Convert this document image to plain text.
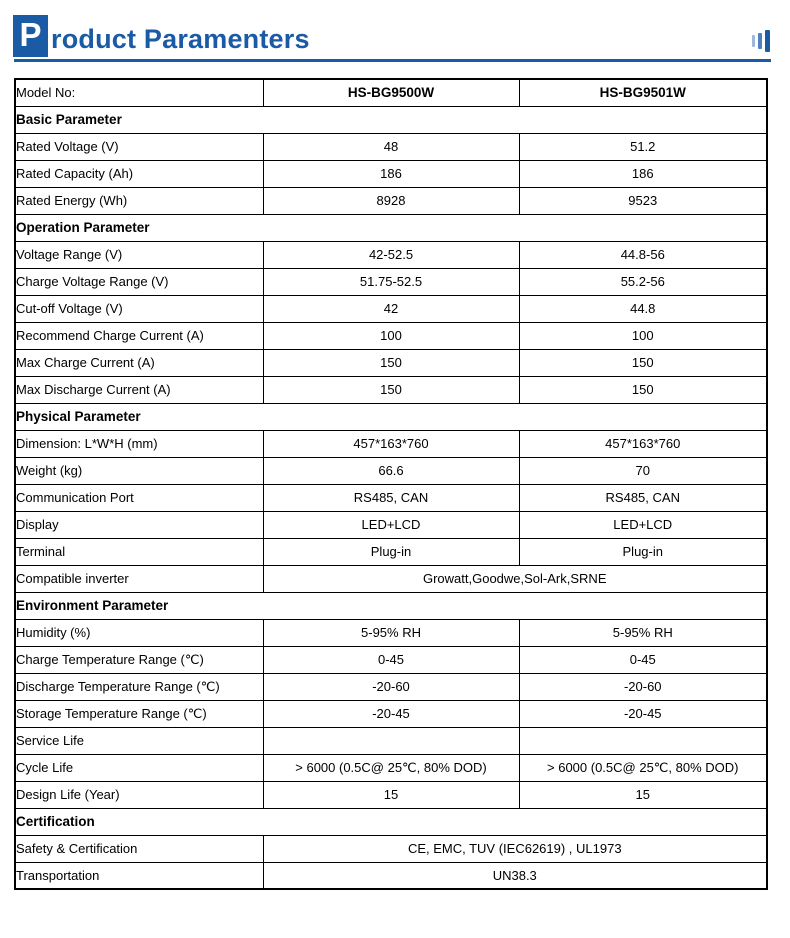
P roduct Paramenters
Model No:	HS-BG9500W	HS-BG9501W
Basic Parameter		
Rated Voltage (V)	48	51.2
Rated Capacity (Ah)	186	186
Rated Energy (Wh)	8928	9523
Operation Parameter		
Voltage Range (V)	42-52.5	44.8-56
Charge Voltage Range (V)	51.75-52.5	55.2-56
Cut-off Voltage (V)	42	44.8
Recommend Charge Current (A)	100	100
Max Charge Current (A)	150	150
Max Discharge Current (A)	150	150
Physical Parameter		
Dimension: L*W*H (mm)	457*163*760	457*163*760
Weight (kg)	66.6	70
Communication Port	RS485, CAN	RS485, CAN
Display	LED+LCD	LED+LCD
Terminal	Plug-in	Plug-in
Compatible inverter	Growatt,Goodwe,Sol-Ark,SRNE	
Environment Parameter		
Humidity (%)	5-95% RH	5-95% RH
Charge Temperature Range (℃)	0-45	0-45
Discharge Temperature Range (℃)	-20-60	-20-60
Storage Temperature Range (℃)	-20-45	-20-45
Service Life		
Cycle Life	> 6000 (0.5C@ 25℃, 80% DOD)	> 6000 (0.5C@ 25℃, 80% DOD)
Design Life (Year)	15	15
Certification		
Safety & Certification	CE, EMC, TUV (IEC62619) , UL1973	
Transportation	UN38.3	
